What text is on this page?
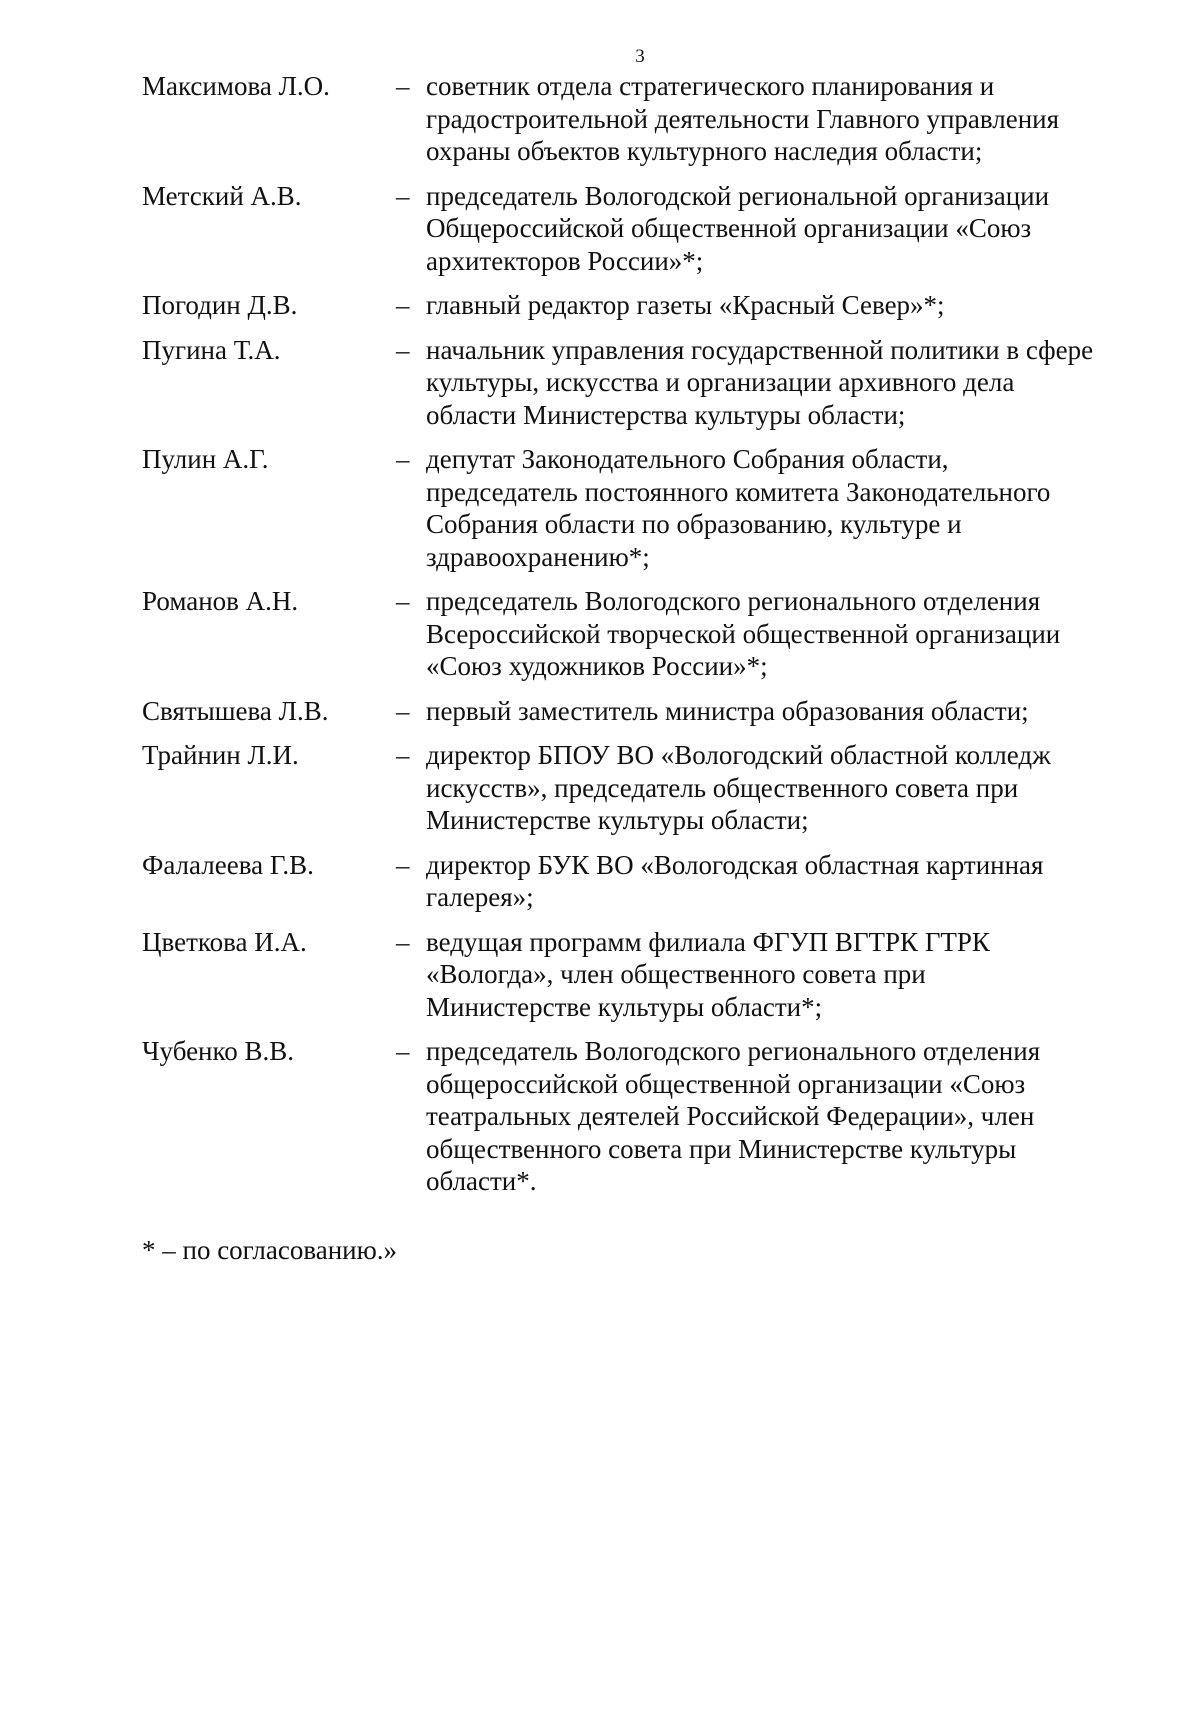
3
Максимова Л.О.	– советник отдела стратегического планирования и
градостроительной деятельности Главного управления
охраны объектов культурного наследия области;
Метский А.В.	– председатель Вологодской региональной организации
Общероссийской общественной организации «Союз
архитекторов России»*;
Погодин Д.В.	– главный редактор газеты «Красный Север»*;
Пугина Т.А.	– начальник управления государственной политики в сфере
культуры, искусства и организации архивного дела
области Министерства культуры области;
Пулин А.Г.	– депутат Законодательного Собрания области,
председатель постоянного комитета Законодательного
Собрания области по образованию, культуре и
здравоохранению*;
Романов А.Н.	– председатель Вологодского регионального отделения
Всероссийской творческой общественной организации
«Союз художников России»*;
Святышева Л.В.	– первый заместитель министра образования области;
Трайнин Л.И.	– директор БПОУ ВО «Вологодский областной колледж
искусств», председатель общественного совета при
Министерстве культуры области;
Фалалеева Г.В.	– директор БУК ВО «Вологодская областная картинная
галерея»;
Цветкова И.А.	– ведущая программ филиала ФГУП ВГТРК ГТРК
«Вологда», член общественного совета при
Министерстве культуры области*;
Чубенко В.В.	– председатель Вологодского регионального отделения
общероссийской общественной организации «Союз
театральных деятелей Российской Федерации», член
общественного совета при Министерстве культуры
области*.
* – по согласованию.»
